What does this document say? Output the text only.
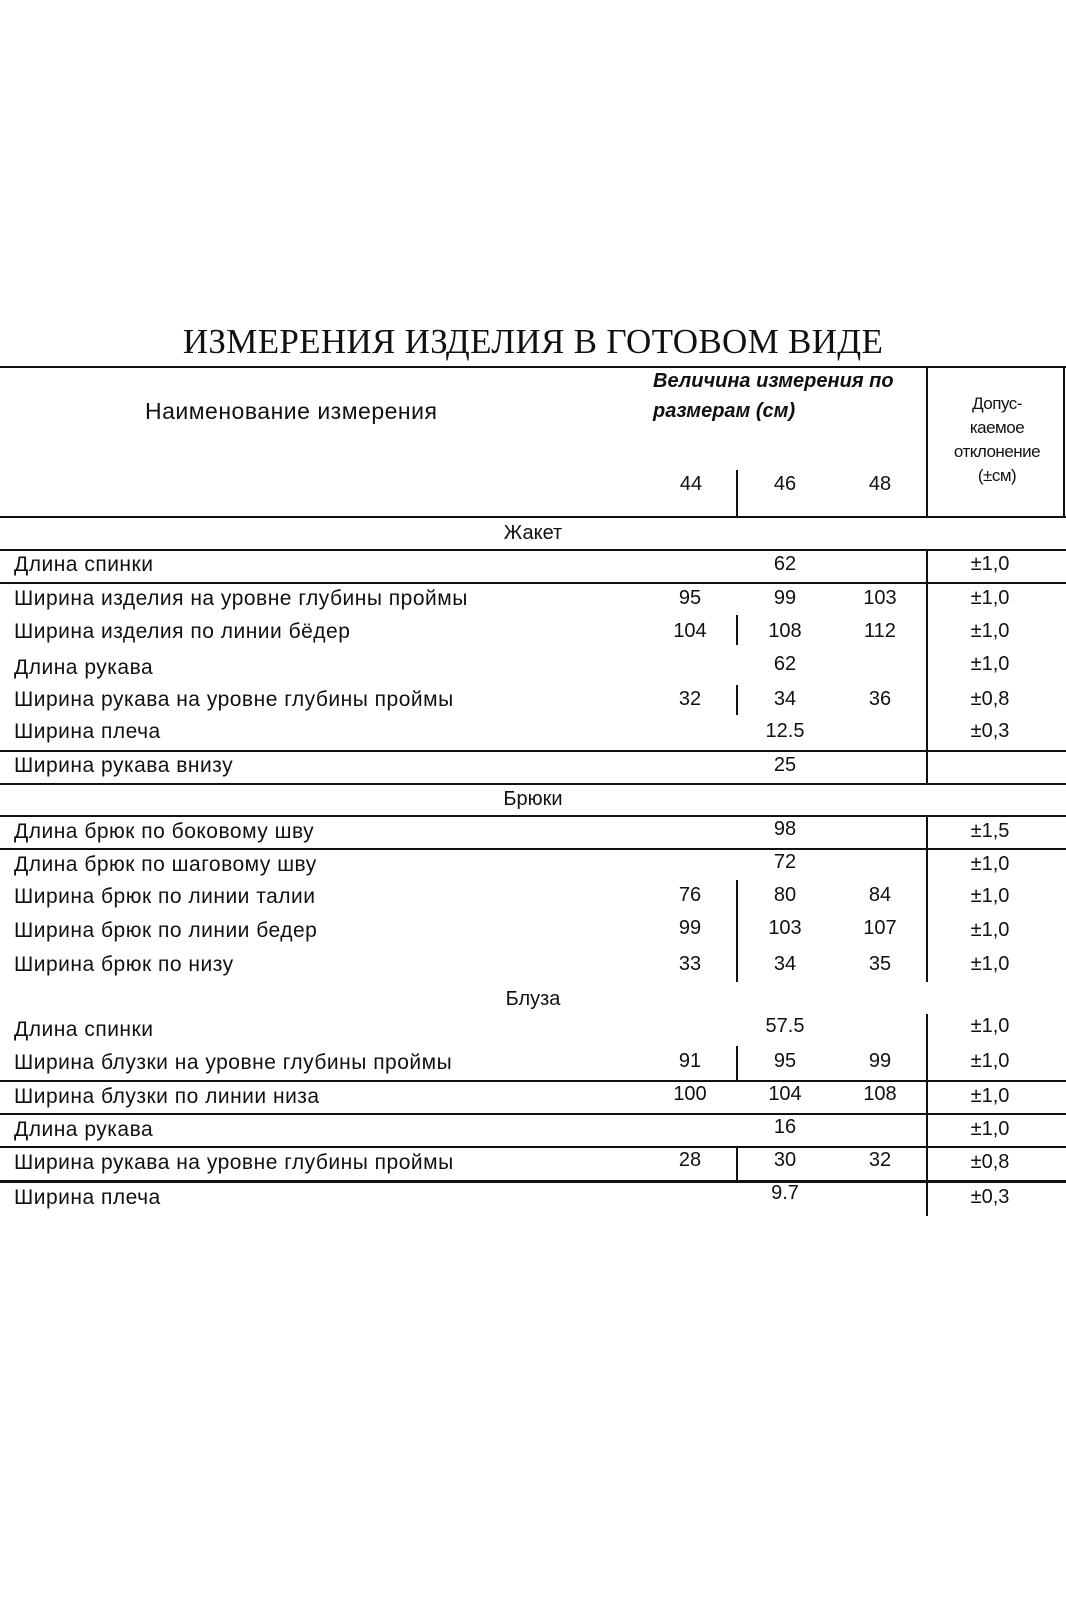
ИЗМЕРЕНИЯ ИЗДЕЛИЯ В ГОТОВОМ ВИДЕ
Наименование измерения
Величина измерения по размерам (см)	Допус-
каемое
отклонение
(±см)
44	46	48
Жакет
Длина спинки	62	±1,0
Ширина изделия на уровне глубины проймы	95	99	103	±1,0
Ширина изделия по линии бёдер	104	108	112	±1,0
Длина рукава	62	±1,0
Ширина рукава на уровне глубины проймы	32	34	36	±0,8
Ширина плеча	12.5	±0,3
Ширина рукава внизу	25
Брюки
Длина брюк по боковому шву	98	±1,5
Длина брюк по шаговому шву	72	±1,0
Ширина брюк по линии талии	76	80	84	±1,0
Ширина брюк по линии бедер	99	103	107	±1,0
Ширина брюк по низу	33	34	35	±1,0
Блуза
Длина спинки	57.5	±1,0
Ширина блузки на уровне глубины проймы	91	95	99	±1,0
Ширина блузки по линии низа	100	104	108	±1,0
Длина рукава	16	±1,0
Ширина рукава на уровне глубины проймы	28	30	32	±0,8
Ширина плеча	9.7	±0,3
